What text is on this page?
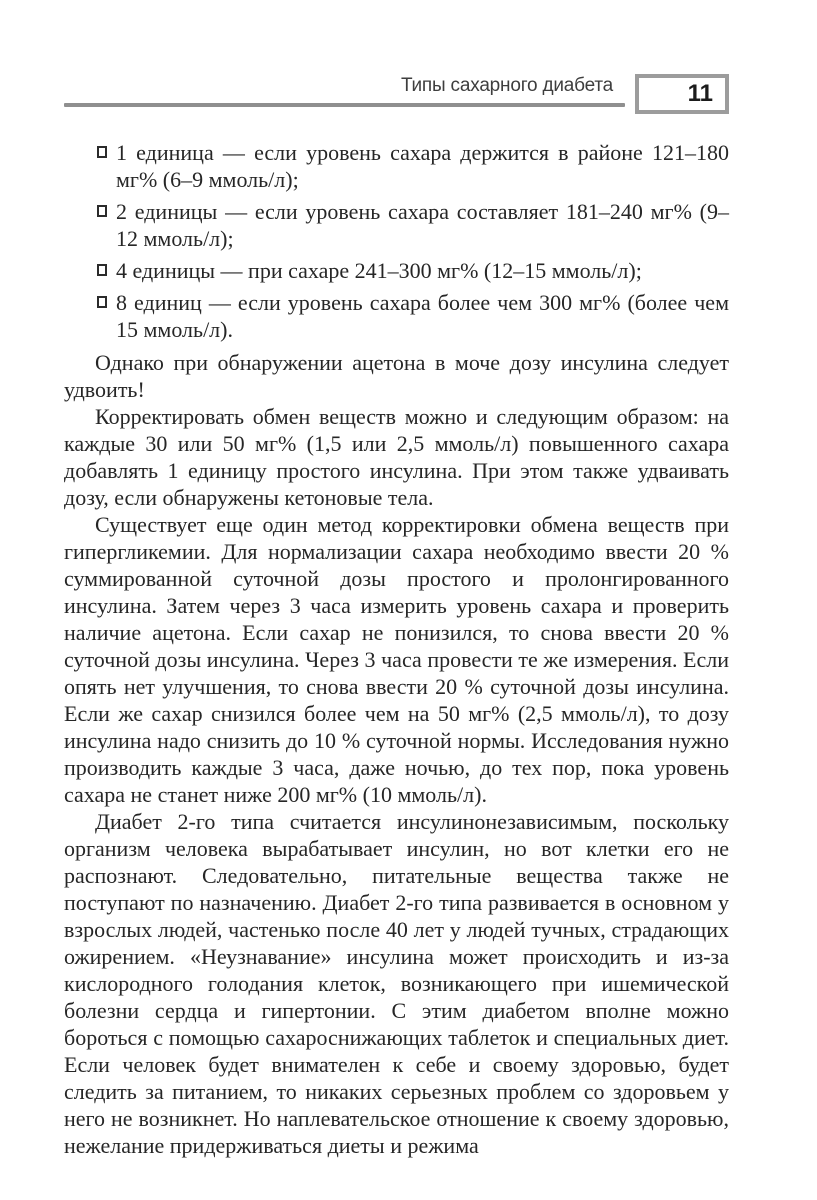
Типы сахарного диабета	11
1 единица — если уровень сахара держится в районе 121–180 мг% (6–9 ммоль/л);
2 единицы — если уровень сахара составляет 181–240 мг% (9–12 ммоль/л);
4 единицы — при сахаре 241–300 мг% (12–15 ммоль/л);
8 единиц — если уровень сахара более чем 300 мг% (более чем 15 ммоль/л).

Однако при обнаружении ацетона в моче дозу инсулина следует удвоить!

Корректировать обмен веществ можно и следующим образом: на каждые 30 или 50 мг% (1,5 или 2,5 ммоль/л) повышенного сахара добавлять 1 единицу простого инсулина. При этом также удваивать дозу, если обнаружены кетоновые тела.

Существует еще один метод корректировки обмена веществ при гипергликемии. Для нормализации сахара необходимо ввести 20 % суммированной суточной дозы простого и пролонгированного инсулина. Затем через 3 часа измерить уровень сахара и проверить наличие ацетона. Если сахар не понизился, то снова ввести 20 % суточной дозы инсулина. Через 3 часа провести те же измерения. Если опять нет улучшения, то снова ввести 20 % суточной дозы инсулина. Если же сахар снизился более чем на 50 мг% (2,5 ммоль/л), то дозу инсулина надо снизить до 10 % суточной нормы. Исследования нужно производить каждые 3 часа, даже ночью, до тех пор, пока уровень сахара не станет ниже 200 мг% (10 ммоль/л).

Диабет 2-го типа считается инсулинонезависимым, поскольку организм человека вырабатывает инсулин, но вот клетки его не распознают. Следовательно, питательные вещества также не поступают по назначению. Диабет 2-го типа развивается в основном у взрослых людей, частенько после 40 лет у людей тучных, страдающих ожирением. «Неузнавание» инсулина может происходить и из-за кислородного голодания клеток, возникающего при ишемической болезни сердца и гипертонии. С этим диабетом вполне можно бороться с помощью сахароснижающих таблеток и специальных диет. Если человек будет внимателен к себе и своему здоровью, будет следить за питанием, то никаких серьезных проблем со здоровьем у него не возникнет. Но наплевательское отношение к своему здоровью, нежелание придерживаться диеты и режима
